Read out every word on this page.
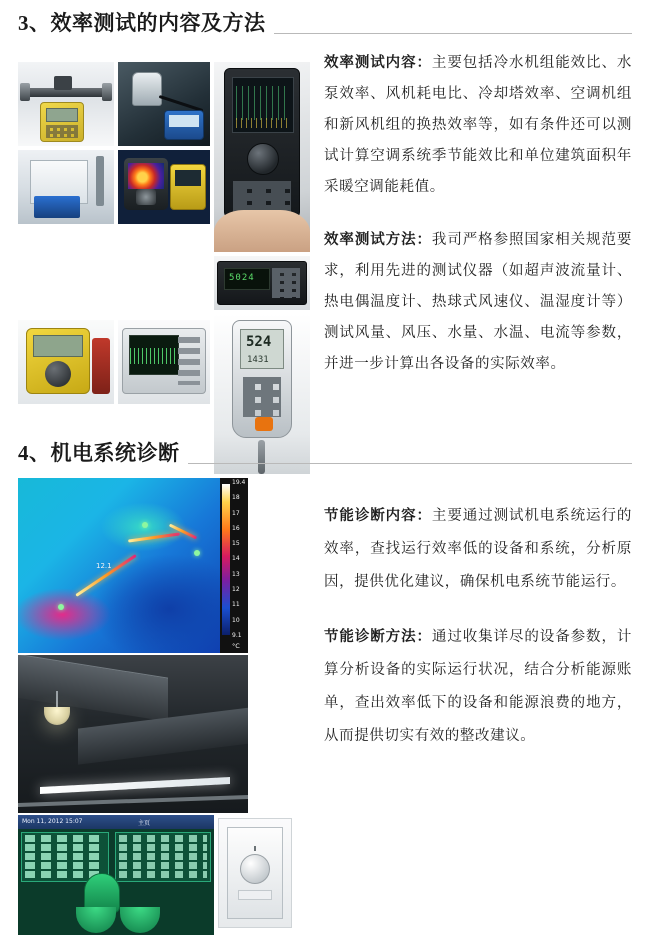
3、效率测试的内容及方法
5024
524
1431

效率测试内容：主要包括冷水机组能效比、水泵效率、风机耗电比、冷却塔效率、空调机组和新风机组的换热效率等，如有条件还可以测试计算空调系统季节能效比和单位建筑面积年采暖空调能耗值。

效率测试方法：我司严格参照国家相关规范要求，利用先进的测试仪器（如超声波流量计、热电偶温度计、热球式风速仪、温湿度计等）测试风量、风压、水量、水温、电流等参数，并进一步计算出各设备的实际效率。

4、机电系统诊断
12.1
19.4
18
17
16
15
14
13
12
11
10
9.1
°C
Mon 11, 2012 15:07	主页

节能诊断内容：主要通过测试机电系统运行的效率，查找运行效率低的设备和系统，分析原因，提供优化建议，确保机电系统节能运行。

节能诊断方法：通过收集详尽的设备参数，计算分析设备的实际运行状况，结合分析能源账单，查出效率低下的设备和能源浪费的地方，从而提供切实有效的整改建议。
